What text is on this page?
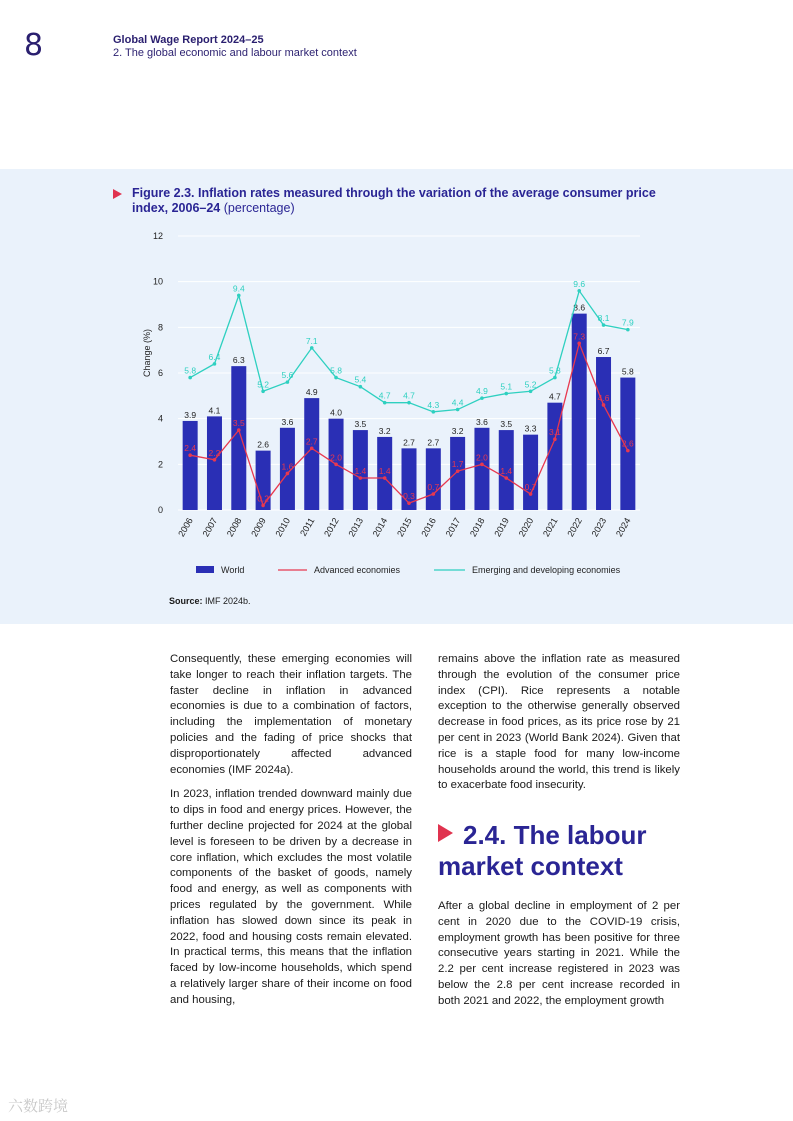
8	Global Wage Report 2024–25
2. The global economic and labour market context
Figure 2.3. Inflation rates measured through the variation of the average consumer price index, 2006–24 (percentage)
0
2
4
6
8
10
12
Change (%)
3.9 4.1
6.3
2.6
3.6
4.9
4.0
3.5
3.2
2.7 2.7
3.2
3.6 3.5 3.3
4.7
8.6
6.7
5.8
2.4 2.2
3.5
0.2
1.6
2.7
2.0
1.4 1.4
0.3
0.7
1.7
2.0
1.4
0.7
3.1
7.3
4.6
2.6
5.8
6.4
9.4
5.2
5.6
7.1
5.8
5.4
4.7 4.7
4.3 4.4
4.9 5.1 5.2
5.8
9.6
8.1 7.9
2006 2007 2008 2009 2010 2011 2012 2013 2014 2015 2016 2017 2018 2019 2020 2021 2022 2023 2024
World	Advanced economies	Emerging and developing economies
Source: IMF 2024b.

Consequently, these emerging economies will take longer to reach their inflation targets. The faster decline in inflation in advanced economies is due to a combination of factors, including the implementation of monetary policies and the fading of price shocks that disproportionately affected advanced economies (IMF 2024a).

In 2023, inflation trended downward mainly due to dips in food and energy prices. However, the further decline projected for 2024 at the global level is foreseen to be driven by a decrease in core inflation, which excludes the most volatile components of the basket of goods, namely food and energy, as well as components with prices regulated by the government. While inflation has slowed down since its peak in 2022, food and housing costs remain elevated. In practical terms, this means that the inflation faced by low-income households, which spend a relatively larger share of their income on food and housing,

remains above the inflation rate as measured through the evolution of the consumer price index (CPI). Rice represents a notable exception to the otherwise generally observed decrease in food prices, as its price rose by 21 per cent in 2023 (World Bank 2024). Given that rice is a staple food for many low-income households around the world, this trend is likely to exacerbate food insecurity.

2.4. The labour market context

After a global decline in employment of 2 per cent in 2020 due to the COVID-19 crisis, employment growth has been positive for three consecutive years starting in 2021. While the 2.2 per cent increase registered in 2023 was below the 2.8 per cent increase recorded in both 2021 and 2022, the employment growth

六数跨境
